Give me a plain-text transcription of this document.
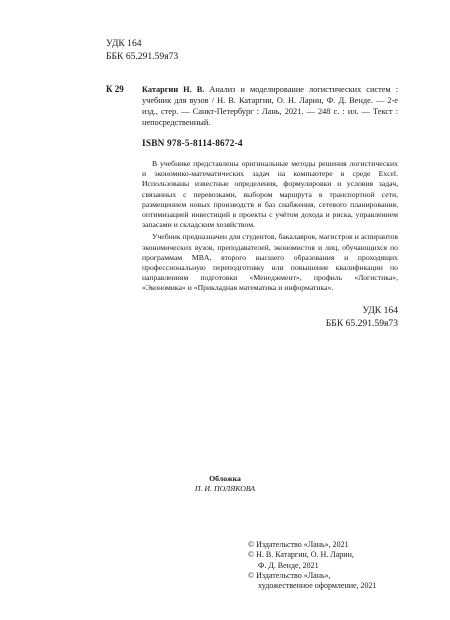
УДК 164
ББК 65.291.59я73
К 29 Катаргин Н. В. Анализ и моделирование логистических систем : учебник для вузов / Н. В. Катаргин, О. Н. Ларин, Ф. Д. Венде. — 2-е изд., стер. — Санкт-Петербург : Лань, 2021. — 248 с. : ил. — Текст : непосредственный.
ISBN 978-5-8114-8672-4

В учебнике представлены оригинальные методы решения логистических и экономико-математических задач на компьютере в среде Excel. Использованы известные определения, формулировки и условия задач, связанных с перевозками, выбором маршрута в транспортной сети, размещением новых производств и баз снабжения, сетевого планирования, оптимизацией инвестиций в проекты с учётом дохода и риска, управлением запасами и складским хозяйством.

Учебник предназначен для студентов, бакалавров, магистров и аспирантов экономических вузов, преподавателей, экономистов и лиц, обучающихся по программам MBA, второго высшего образования и проходящих профессиональную переподготовку или повышение квалификации по направлениям подготовки «Менеджмент», профиль «Логистика», «Экономика» и «Прикладная математика и информатика».

УДК 164
ББК 65.291.59я73
Обложка
П. И. ПОЛЯКОВА
© Издательство «Лань», 2021
© Н. В. Катаргин, О. Н. Ларин,
Ф. Д. Венде, 2021
© Издательство «Лань»,
художественное оформление, 2021
